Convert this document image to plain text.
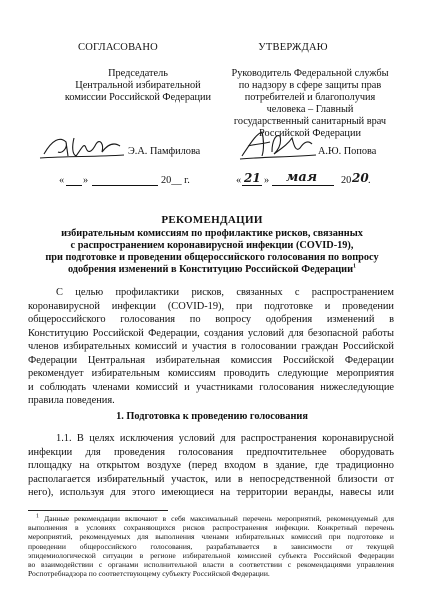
СОГЛАСОВАНО
Председатель
Центральной избирательной
комиссии Российской Федерации
Э.А. Памфилова
« »	20__ г.
УТВЕРЖДАЮ
Руководитель Федеральной службы
по надзору в сфере защиты прав
потребителей и благополучия
человека – Главный
государственный санитарный врач
Российской Федерации
А.Ю. Попова
« 21 » мая 20 20 .
РЕКОМЕНДАЦИИ
избирательным комиссиям по профилактике рисков, связанных
с распространением коронавирусной инфекции (COVID-19),
при подготовке и проведении общероссийского голосования по вопросу
одобрения изменений в Конституцию Российской Федерации$^1$
С целью профилактики рисков, связанных с распространением
коронавирусной инфекции (COVID-19), при подготовке и проведении
общероссийского голосования по вопросу одобрения изменений в
Конституцию Российской Федерации, создания условий для безопасной работы
членов избирательных комиссий и участия в голосовании граждан Российской
Федерации Центральная избирательная комиссия Российской Федерации
рекомендует избирательным комиссиям проводить следующие мероприятия
и соблюдать членами комиссий и участниками голосования нижеследующие
правила поведения.
1. Подготовка к проведению голосования
1.1. В целях исключения условий для распространения коронавирусной
инфекции для проведения голосования предпочтительнее оборудовать
площадку на открытом воздухе (перед входом в здание, где традиционно
располагается избирательный участок, или в непосредственной близости от
него), используя для этого имеющиеся на территории веранды, навесы или
$^1$ Данные рекомендации включают в себя максимальный перечень мероприятий, рекомендуемый для
выполнения в условиях сохраняющихся рисков распространения инфекции. Конкретный перечень
мероприятий, рекомендуемых для выполнения членами избирательных комиссий при подготовке и
проведении общероссийского голосования, разрабатывается в зависимости от текущей
эпидемиологической ситуации в регионе избирательной комиссией субъекта Российской Федерации
во взаимодействии с органами исполнительной власти в соответствии с рекомендациями управления
Роспотребнадзора по соответствующему субъекту Российской Федерации.
